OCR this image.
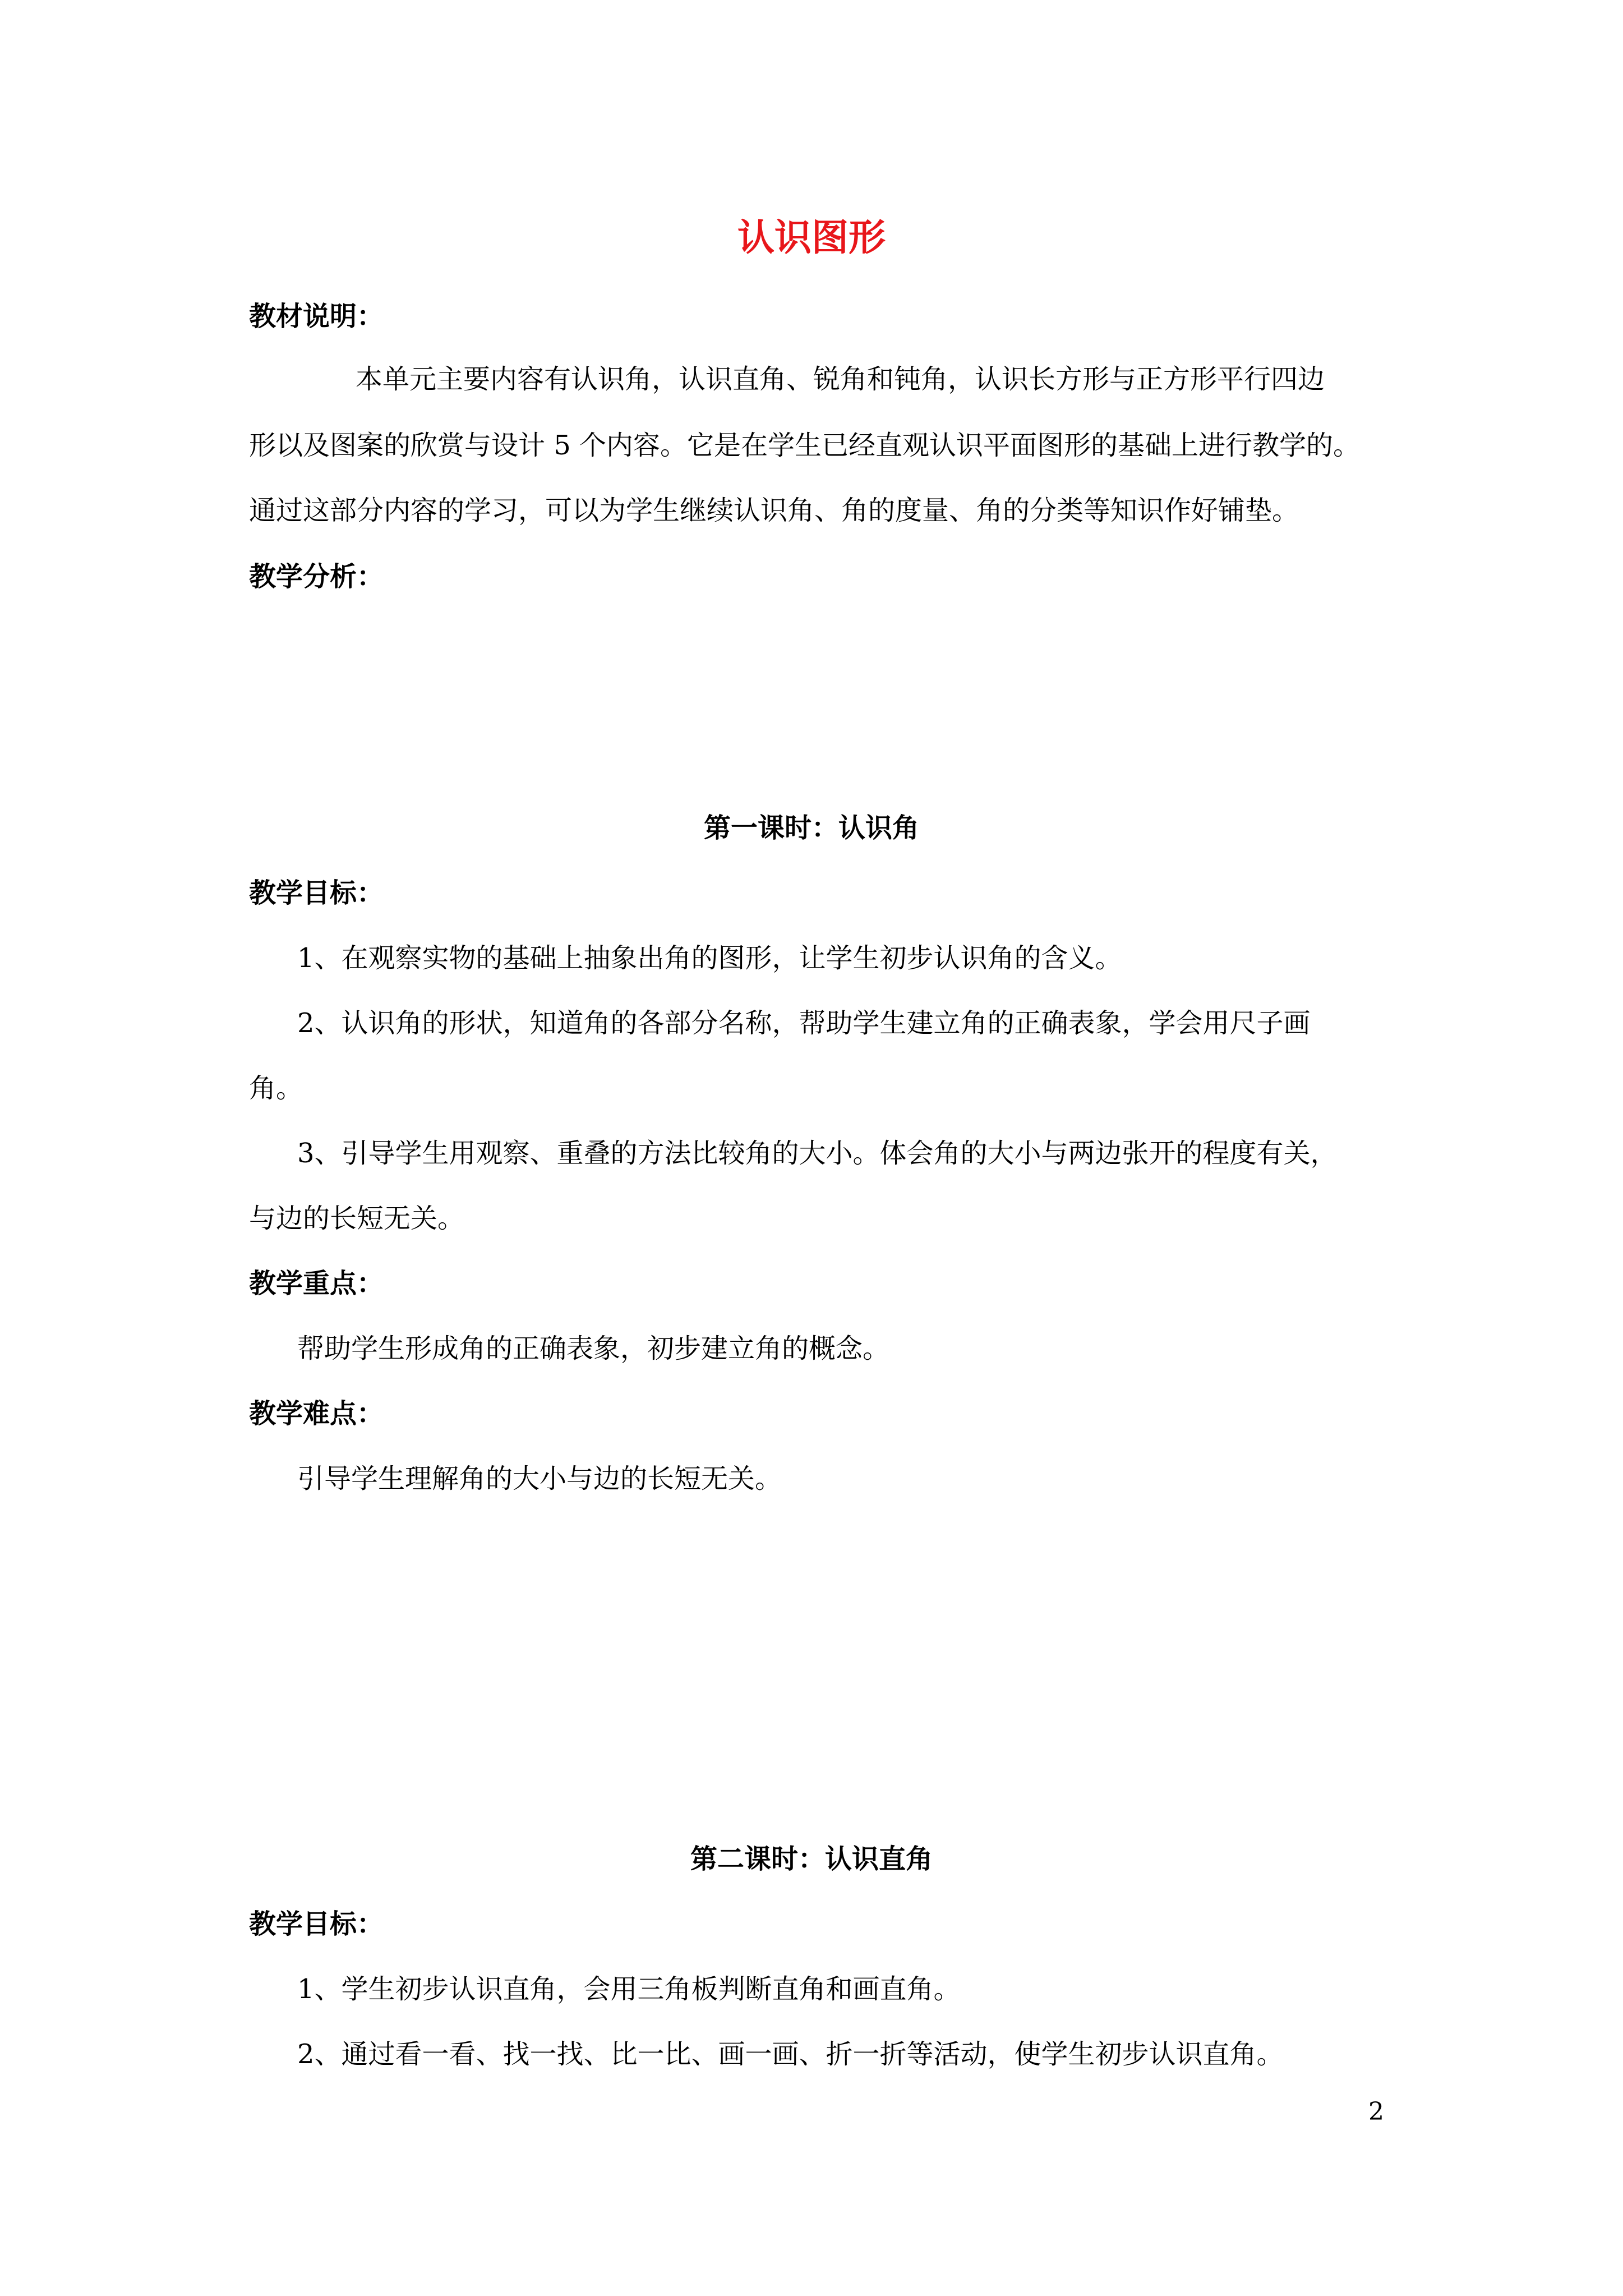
认识图形
教材说明：
本单元主要内容有认识角，认识直角、锐角和钝角，认识长方形与正方形平行四边
形以及图案的欣赏与设计 5 个内容。它是在学生已经直观认识平面图形的基础上进行教学的。
通过这部分内容的学习，可以为学生继续认识角、角的度量、角的分类等知识作好铺垫。
教学分析：
第一课时：认识角
教学目标：
1、在观察实物的基础上抽象出角的图形，让学生初步认识角的含义。
2、认识角的形状，知道角的各部分名称，帮助学生建立角的正确表象，学会用尺子画
角。
3、引导学生用观察、重叠的方法比较角的大小。体会角的大小与两边张开的程度有关，
与边的长短无关。
教学重点：
帮助学生形成角的正确表象，初步建立角的概念。
教学难点：
引导学生理解角的大小与边的长短无关。
第二课时：认识直角
教学目标：
1、学生初步认识直角，会用三角板判断直角和画直角。
2、通过看一看、找一找、比一比、画一画、折一折等活动，使学生初步认识直角。
2
